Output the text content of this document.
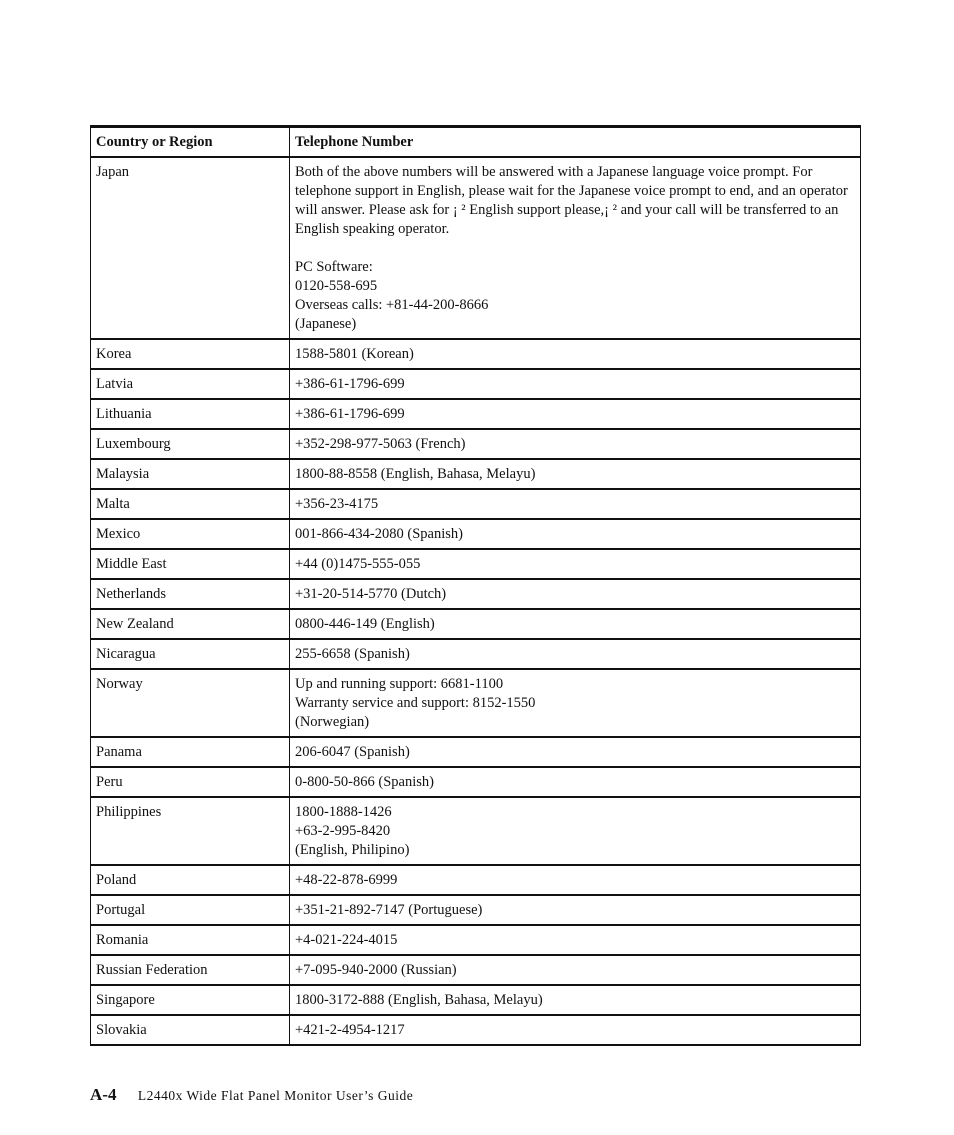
Country or Region	Telephone Number
Japan	Both of the above numbers will be answered with a Japanese language voice prompt. For telephone support in English, please wait for the Japanese voice prompt to end, and an operator will answer. Please ask for ¡ ² English support please,¡ ² and your call will be transferred to an English speaking operator.

PC Software:
0120-558-695
Overseas calls: +81-44-200-8666
(Japanese)
Korea	1588-5801 (Korean)
Latvia	+386-61-1796-699
Lithuania	+386-61-1796-699
Luxembourg	+352-298-977-5063 (French)
Malaysia	1800-88-8558 (English, Bahasa, Melayu)
Malta	+356-23-4175
Mexico	001-866-434-2080 (Spanish)
Middle East	+44 (0)1475-555-055
Netherlands	+31-20-514-5770 (Dutch)
New Zealand	0800-446-149 (English)
Nicaragua	255-6658 (Spanish)
Norway	Up and running support: 6681-1100
Warranty service and support: 8152-1550
(Norwegian)
Panama	206-6047 (Spanish)
Peru	0-800-50-866 (Spanish)
Philippines	1800-1888-1426
+63-2-995-8420
(English, Philipino)
Poland	+48-22-878-6999
Portugal	+351-21-892-7147 (Portuguese)
Romania	+4-021-224-4015
Russian Federation	+7-095-940-2000 (Russian)
Singapore	1800-3172-888 (English, Bahasa, Melayu)
Slovakia	+421-2-4954-1217
A-4 L2440x Wide Flat Panel Monitor User’s Guide
